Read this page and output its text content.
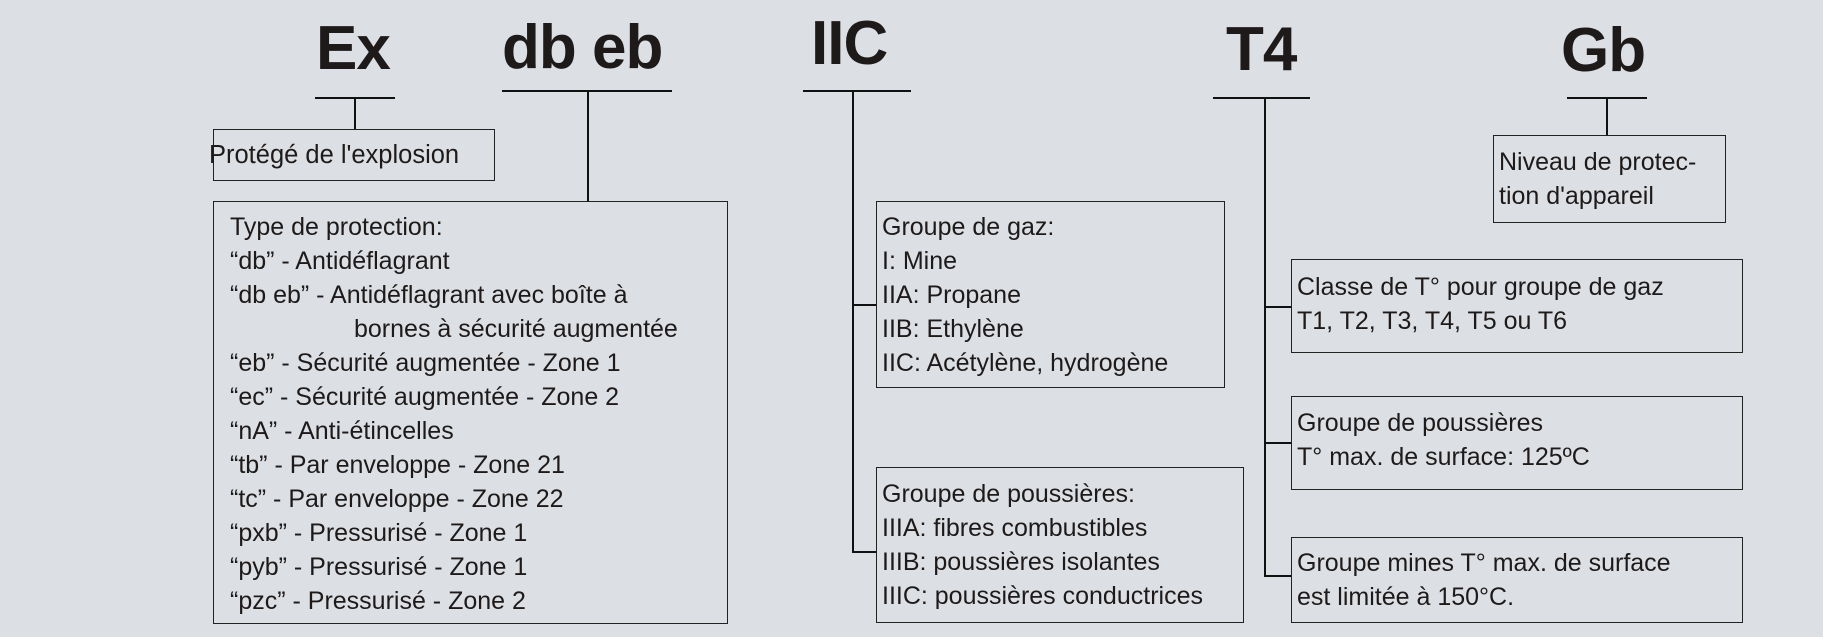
Ex db eb IIC	T4	Gb
Protégé de l'explosion
Type de protection:
“db” - Antidéflagrant
“db eb” - Antidéflagrant avec boîte à
bornes à sécurité augmentée
“eb” - Sécurité augmentée - Zone 1
“ec” - Sécurité augmentée - Zone 2
“nA” - Anti-étincelles
“tb” - Par enveloppe - Zone 21
“tc” - Par enveloppe - Zone 22
“pxb” - Pressurisé - Zone 1
“pyb” - Pressurisé - Zone 1
“pzc” - Pressurisé - Zone 2
Groupe de gaz:
I: Mine
IIA: Propane
IIB: Ethylène
IIC: Acétylène, hydrogène
Groupe de poussières:
IIIA: fibres combustibles
IIIB: poussières isolantes
IIIC: poussières conductrices
Classe de T° pour groupe de gaz
T1, T2, T3, T4, T5 ou T6
Groupe de poussières
T° max. de surface: 125ºC
Groupe mines T° max. de surface
est limitée à 150°C.
Niveau de protec-
tion d'appareil
